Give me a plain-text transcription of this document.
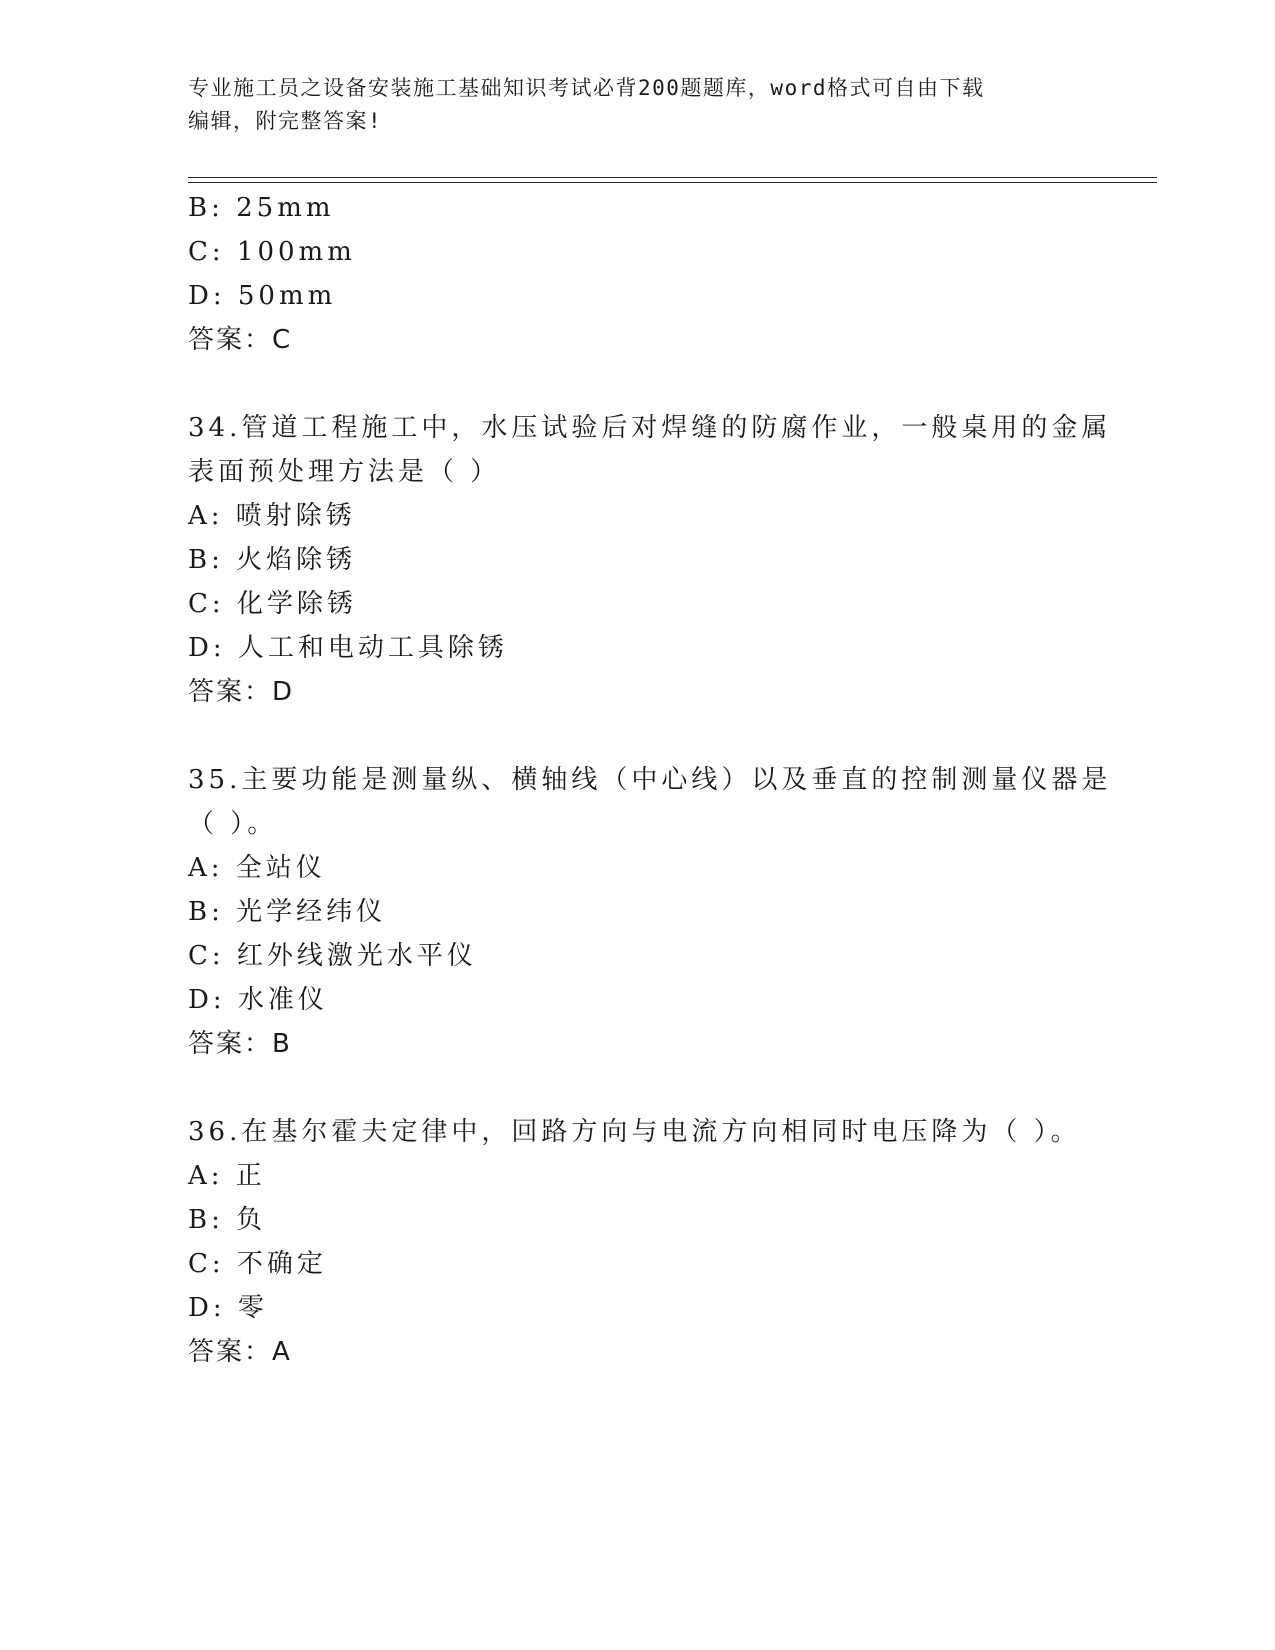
专业施工员之设备安装施工基础知识考试必背200题题库，word格式可自由下载
编辑，附完整答案!
B: 25mm
C: 100mm
D: 50mm
答案：C
34.管道工程施工中，水压试验后对焊缝的防腐作业，一般桌用的金属
表面预处理方法是（ ）
A: 喷射除锈
B: 火焰除锈
C: 化学除锈
D: 人工和电动工具除锈
答案：D
35.主要功能是测量纵、横轴线（中心线）以及垂直的控制测量仪器是
（ ）。
A: 全站仪
B: 光学经纬仪
C: 红外线激光水平仪
D: 水准仪
答案：B
36.在基尔霍夫定律中，回路方向与电流方向相同时电压降为（ ）。
A: 正
B: 负
C: 不确定
D: 零
答案：A
